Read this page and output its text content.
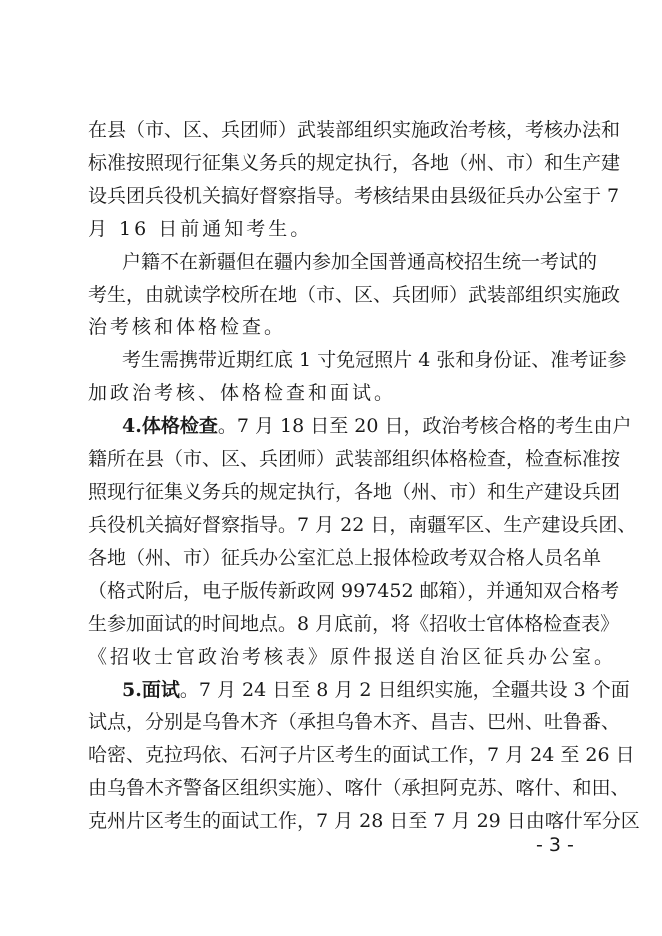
在县（市、区、兵团师）武装部组织实施政治考核，考核办法和
标准按照现行征集义务兵的规定执行，各地（州、市）和生产建
设兵团兵役机关搞好督察指导。考核结果由县级征兵办公室于 7
月 16 日前通知考生。
户籍不在新疆但在疆内参加全国普通高校招生统一考试的
考生，由就读学校所在地（市、区、兵团师）武装部组织实施政
治考核和体格检查。
考生需携带近期红底 1 寸免冠照片 4 张和身份证、准考证参
加政治考核、体格检查和面试。
4.体格检查。7 月 18 日至 20 日，政治考核合格的考生由户
籍所在县（市、区、兵团师）武装部组织体格检查，检查标准按
照现行征集义务兵的规定执行，各地（州、市）和生产建设兵团
兵役机关搞好督察指导。7 月 22 日，南疆军区、生产建设兵团、
各地（州、市）征兵办公室汇总上报体检政考双合格人员名单
（格式附后，电子版传新政网 997452 邮箱），并通知双合格考
生参加面试的时间地点。8 月底前，将《招收士官体格检查表》
《招收士官政治考核表》原件报送自治区征兵办公室。
5.面试。7 月 24 日至 8 月 2 日组织实施，全疆共设 3 个面
试点，分别是乌鲁木齐（承担乌鲁木齐、昌吉、巴州、吐鲁番、
哈密、克拉玛依、石河子片区考生的面试工作，7 月 24 至 26 日
由乌鲁木齐警备区组织实施）、喀什（承担阿克苏、喀什、和田、
克州片区考生的面试工作，7 月 28 日至 7 月 29 日由喀什军分区
- 3 -
